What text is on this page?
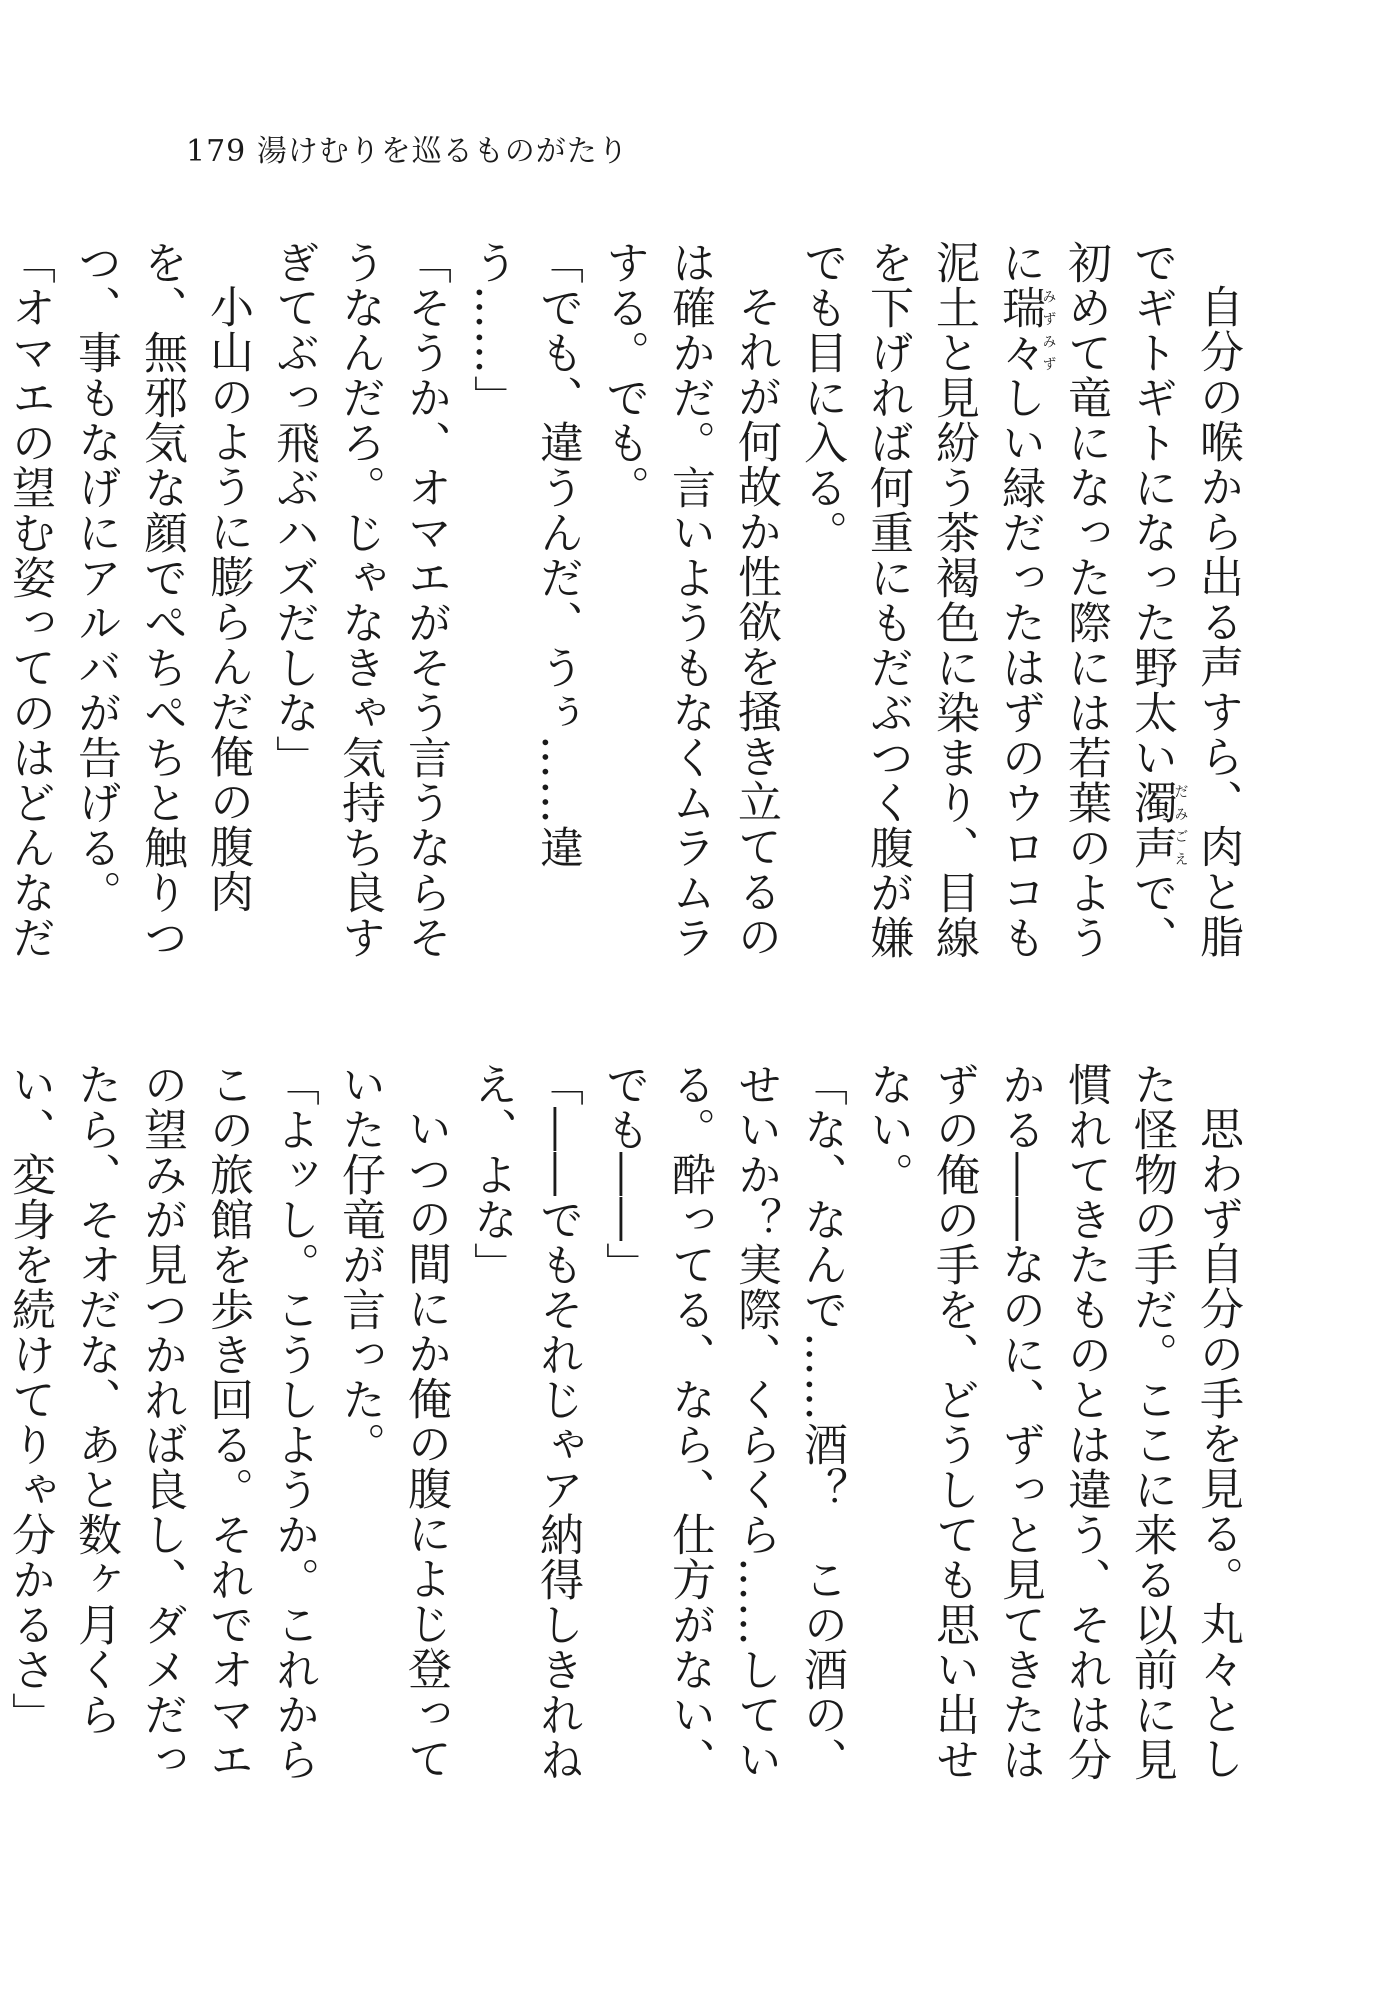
179 湯けむりを巡るものがたり

自分の喉から出る声すら、肉と脂でギトギトになった野太い濁声だみごえで、初めて竜になった際には若葉のように瑞々みずみずしい緑だったはずのウロコも泥土と見紛う茶褐色に染まり、目線を下げれば何重にもだぶつく腹が嫌でも目に入る。

それが何故か性欲を掻き立てるのは確かだ。言いようもなくムラムラする。でも。

「でも、違うんだ、うぅ……違う……」

「そうか、オマエがそう言うならそうなんだろ。じゃなきゃ気持ち良すぎてぶっ飛ぶハズだしな」

小山のように膨らんだ俺の腹肉を、無邪気な顔でぺちぺちと触りつつ、事もなげにアルバが告げる。

「オマエの望む姿ってのはどんなだ

思わず自分の手を見る。丸々とした怪物の手だ。ここに来る以前に見慣れてきたものとは違う、それは分かる――なのに、ずっと見てきたはずの俺の手を、どうしても思い出せない。

「な、なんで……酒？　この酒の、せいか？実際、くらくら……している。酔ってる、なら、仕方がない、でも――」

「――でもそれじゃア納得しきれねえ、よな」

いつの間にか俺の腹によじ登っていた仔竜が言った。

「よッし。こうしようか。これからこの旅館を歩き回る。それでオマエの望みが見つかれば良し、ダメだったら、そオだな、あと数ヶ月くらい、変身を続けてりゃ分かるさ」
